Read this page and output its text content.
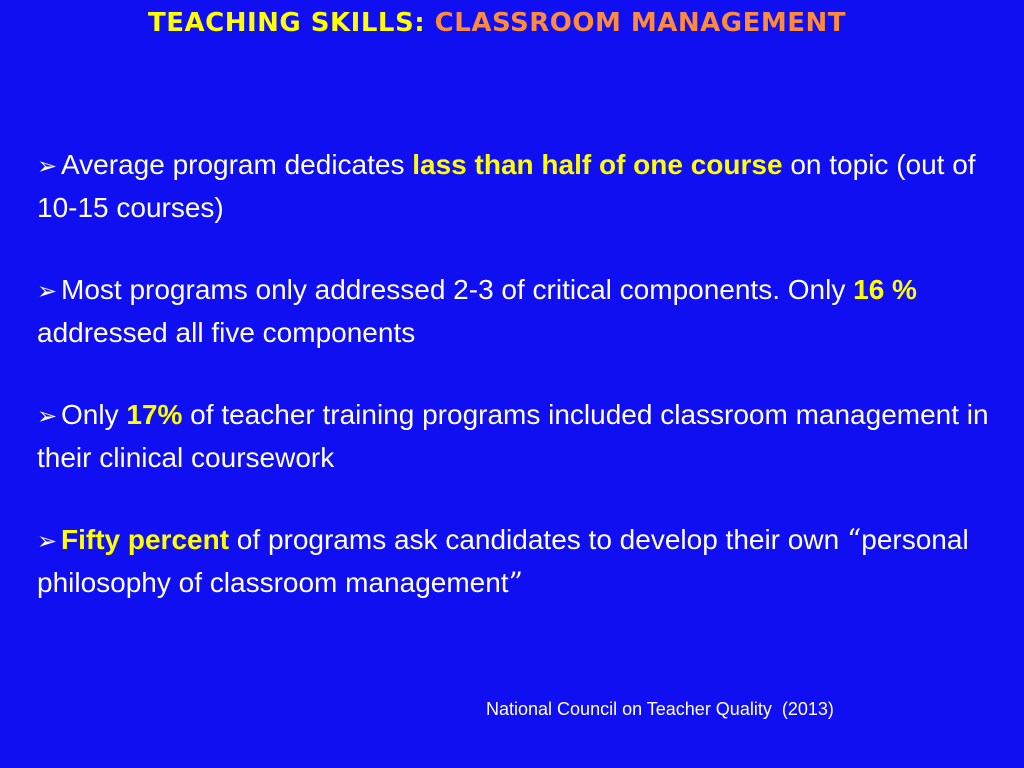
TEACHING SKILLS: CLASSROOM MANAGEMENT
➢ Average program dedicates lass than half of one course on topic (out of 10-15 courses)
➢ Most programs only addressed 2-3 of critical components. Only 16 % addressed all five components
➢ Only 17% of teacher training programs included classroom management in their clinical coursework
➢ Fifty percent of programs ask candidates to develop their own “personal philosophy of classroom management”
National Council on Teacher Quality  (2013)
